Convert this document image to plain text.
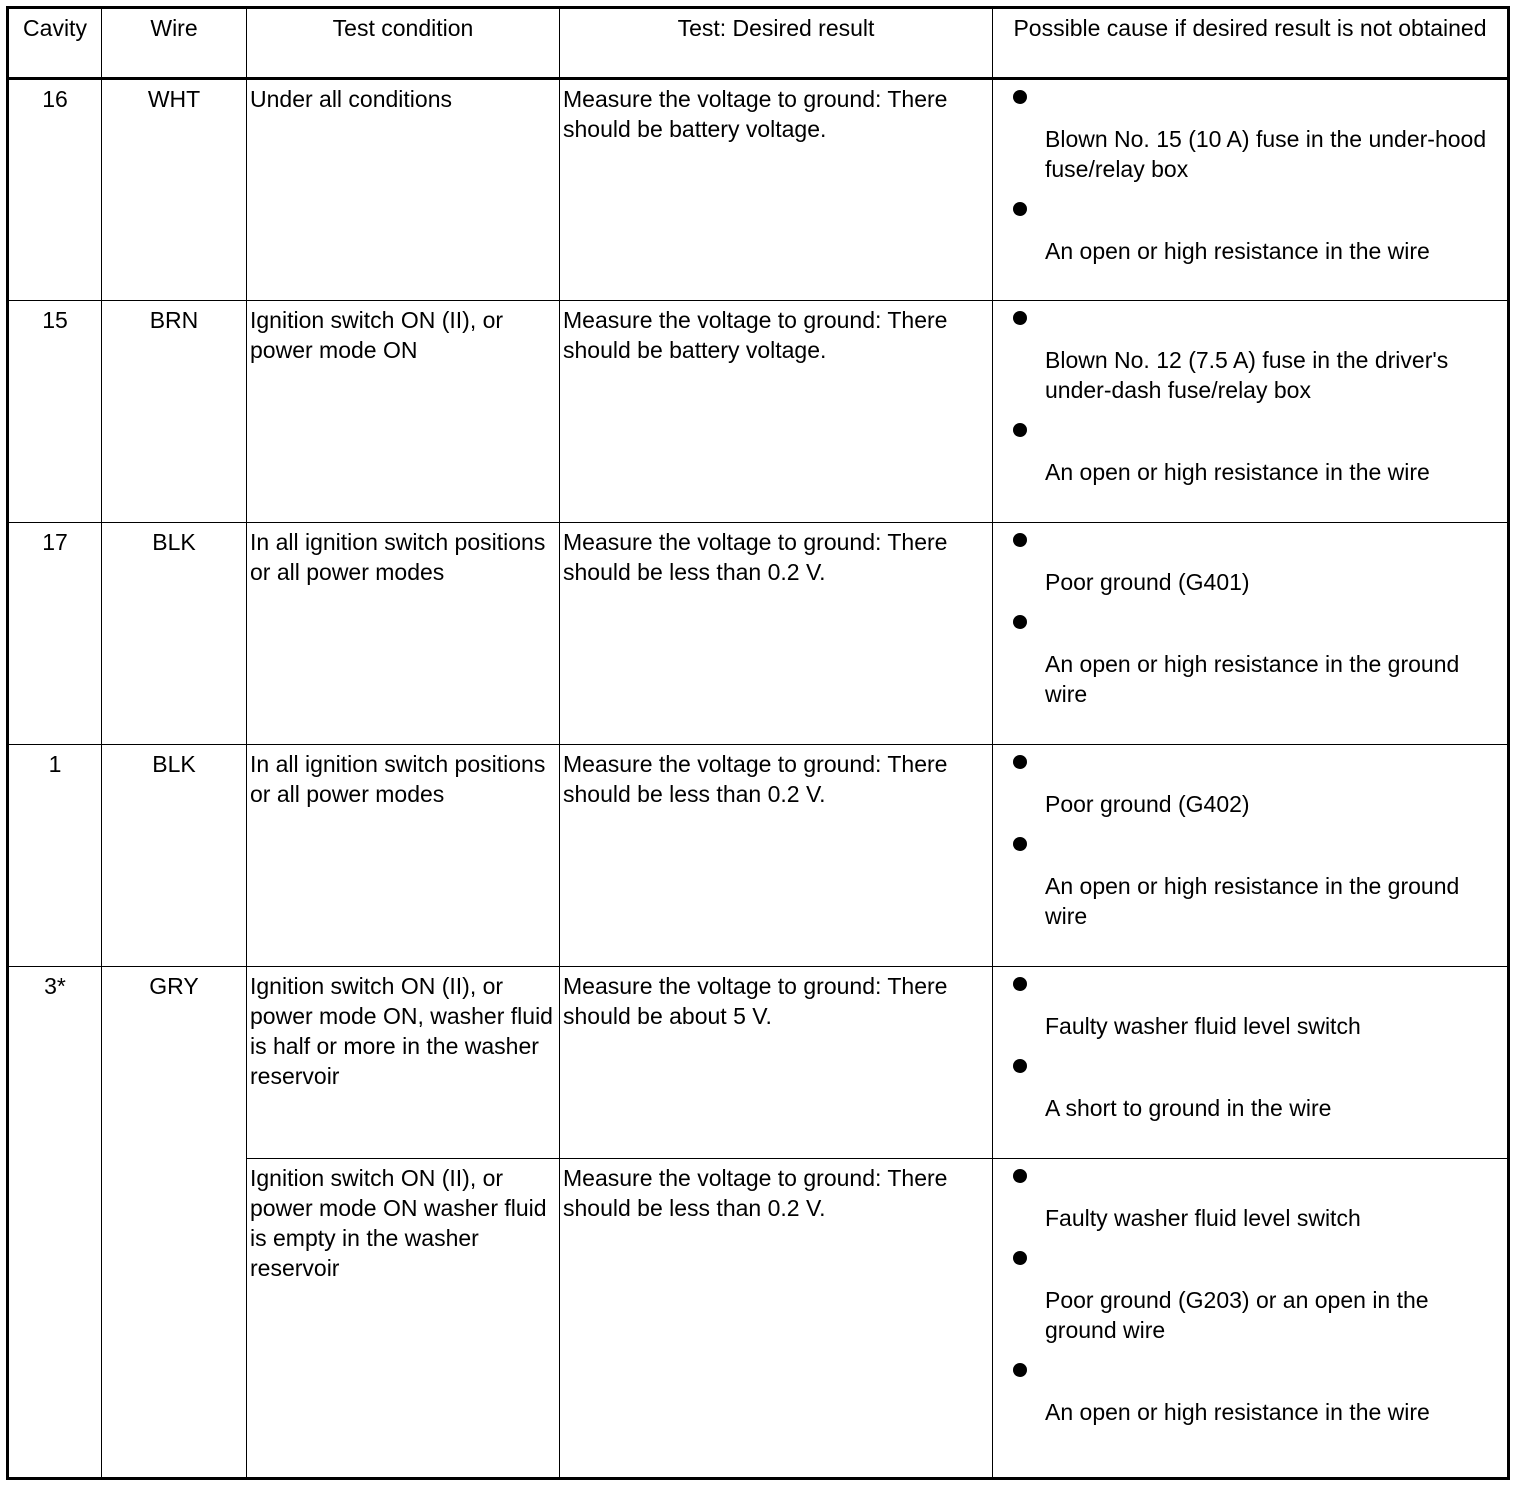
Cavity	Wire	Test condition	Test: Desired result	Possible cause if desired result is not obtained
16	WHT	Under all conditions	Measure the voltage to ground: There should be battery voltage.	Blown No. 15 (10 A) fuse in the under-hood fuse/relay box
An open or high resistance in the wire

15	BRN	Ignition switch ON (II), or power mode ON	Measure the voltage to ground: There should be battery voltage.	Blown No. 12 (7.5 A) fuse in the driver's under-dash fuse/relay box
An open or high resistance in the wire

17	BLK	In all ignition switch positions or all power modes	Measure the voltage to ground: There should be less than 0.2 V.	Poor ground (G401)
An open or high resistance in the ground wire

1	BLK	In all ignition switch positions or all power modes	Measure the voltage to ground: There should be less than 0.2 V.	Poor ground (G402)
An open or high resistance in the ground wire

3*	GRY	Ignition switch ON (II), or power mode ON, washer fluid is half or more in the washer reservoir	Measure the voltage to ground: There should be about 5 V.	Faulty washer fluid level switch
A short to ground in the wire

		Ignition switch ON (II), or power mode ON washer fluid is empty in the washer reservoir	Measure the voltage to ground: There should be less than 0.2 V.	Faulty washer fluid level switch
Poor ground (G203) or an open in the ground wire
An open or high resistance in the wire
